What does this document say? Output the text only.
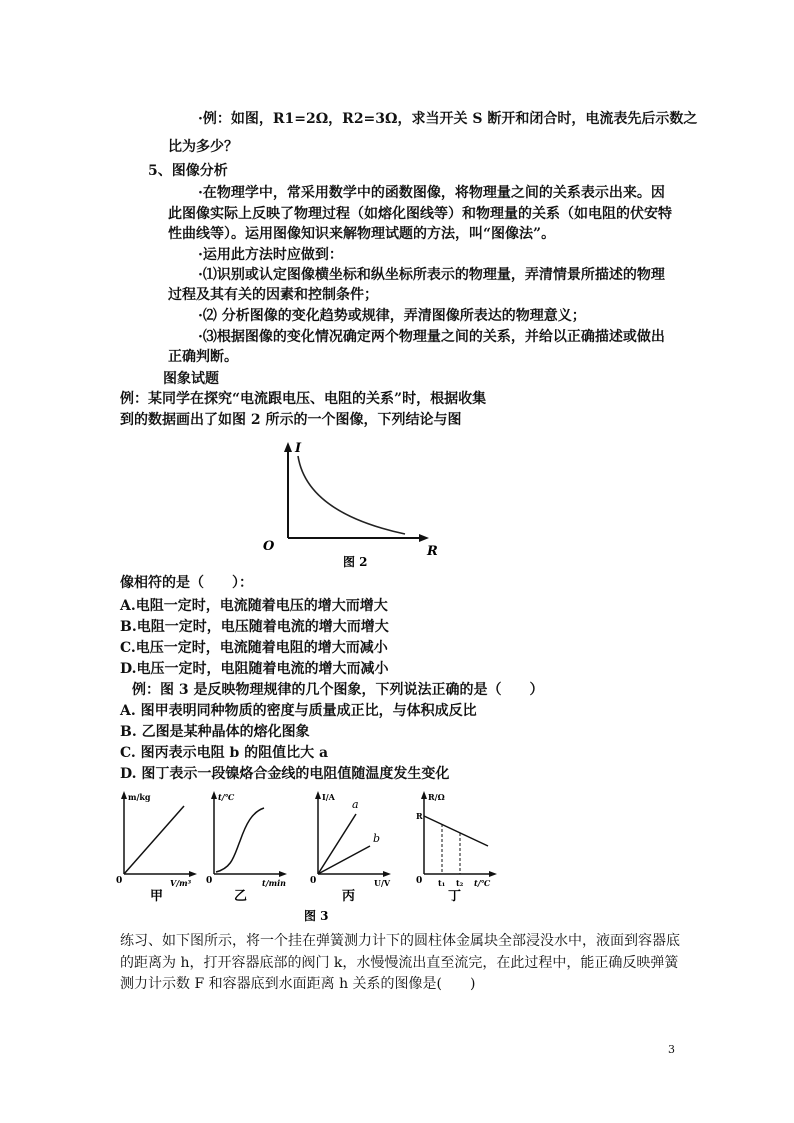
·例：如图，R1=2Ω，R2=3Ω，求当开关 S 断开和闭合时，电流表先后示数之
比为多少？
5、图像分析
·在物理学中，常采用数学中的函数图像，将物理量之间的关系表示出来。因
此图像实际上反映了物理过程（如熔化图线等）和物理量的关系（如电阻的伏安特
性曲线等）。运用图像知识来解物理试题的方法，叫“图像法”。
·运用此方法时应做到：
·⑴识别或认定图像横坐标和纵坐标所表示的物理量，弄清情景所描述的物理
过程及其有关的因素和控制条件；
·⑵ 分析图像的变化趋势或规律，弄清图像所表达的物理意义；
·⑶根据图像的变化情况确定两个物理量之间的关系，并给以正确描述或做出
正确判断。
图象试题
例：某同学在探究“电流跟电压、电阻的关系”时，根据收集
到的数据画出了如图 2 所示的一个图像，下列结论与图
I
R
O
图 2
像相符的是（　　）：
A.电阻一定时，电流随着电压的增大而增大
B.电阻一定时，电压随着电流的增大而增大
C.电压一定时，电流随着电阻的增大而减小
D.电压一定时，电阻随着电流的增大而减小
例：图 3 是反映物理规律的几个图象，下列说法正确的是（　　）
A. 图甲表明同种物质的密度与质量成正比，与体积成反比
B. 乙图是某种晶体的熔化图象
C. 图丙表示电阻 b 的阻值比大 a
D. 图丁表示一段镍烙合金线的电阻值随温度发生变化
m/kg
V/m³
0
甲
t/℃
t/min
0
乙
I/A
U/V
0
a
b
丙
R/Ω
R
t₁ t₂ t/℃
0
丁
图 3
练习、如下图所示，将一个挂在弹簧测力计下的圆柱体金属块全部浸没水中，液面到容器底
的距离为 h，打开容器底部的阀门 k，水慢慢流出直至流完，在此过程中，能正确反映弹簧
测力计示数 F 和容器底到水面距离 h 关系的图像是(　　)
3
